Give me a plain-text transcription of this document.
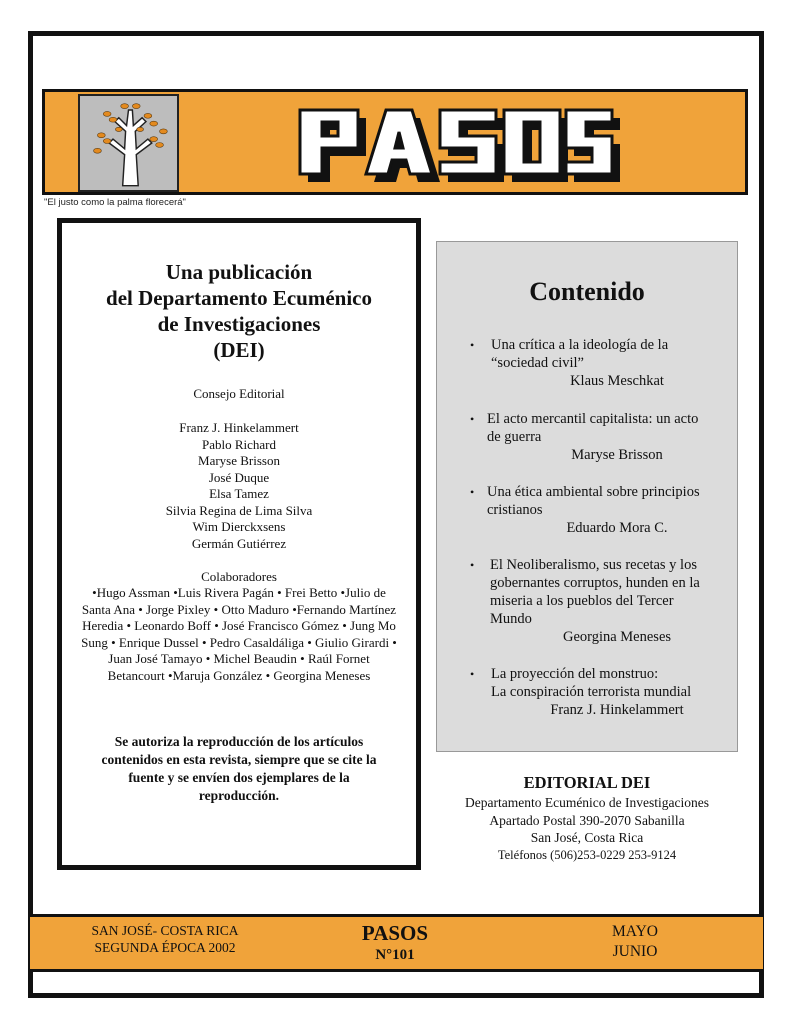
"El justo como la palma florecerá"
Una publicación
del Departamento Ecuménico
de Investigaciones
(DEI)
Consejo Editorial
Franz J. Hinkelammert
Pablo Richard
Maryse Brisson
José Duque
Elsa Tamez
Silvia Regina de Lima Silva
Wim Dierckxsens
Germán Gutiérrez
Colaboradores
•Hugo Assman •Luis Rivera Pagán • Frei Betto •Julio de
Santa Ana • Jorge Pixley • Otto Maduro •Fernando Martínez
Heredia • Leonardo Boff • José Francisco Gómez • Jung Mo
Sung • Enrique Dussel • Pedro Casaldáliga • Giulio Girardi •
Juan José Tamayo • Michel Beaudin • Raúl Fornet
Betancourt •Maruja González • Georgina Meneses
Se autoriza la reproducción de los artículos
contenidos en esta revista, siempre que se cite la
fuente y se envíen dos ejemplares de la
reproducción.
Contenido
• Una crítica a la ideología de la
“sociedad civil”
Klaus Meschkat
• El acto mercantil capitalista: un acto
de guerra
Maryse Brisson
• Una ética ambiental sobre principios
cristianos
Eduardo Mora C.
• El Neoliberalismo, sus recetas y los
gobernantes corruptos, hunden en la
miseria a los pueblos del Tercer
Mundo
Georgina Meneses
• La proyección del monstruo:
La conspiración terrorista mundial
Franz J. Hinkelammert
EDITORIAL DEI
Departamento Ecuménico de Investigaciones
Apartado Postal 390-2070 Sabanilla
San José, Costa Rica
Teléfonos (506)253-0229 253-9124
SAN JOSÉ- COSTA RICA
SEGUNDA ÉPOCA 2002
PASOS
N°101
MAYO
JUNIO
